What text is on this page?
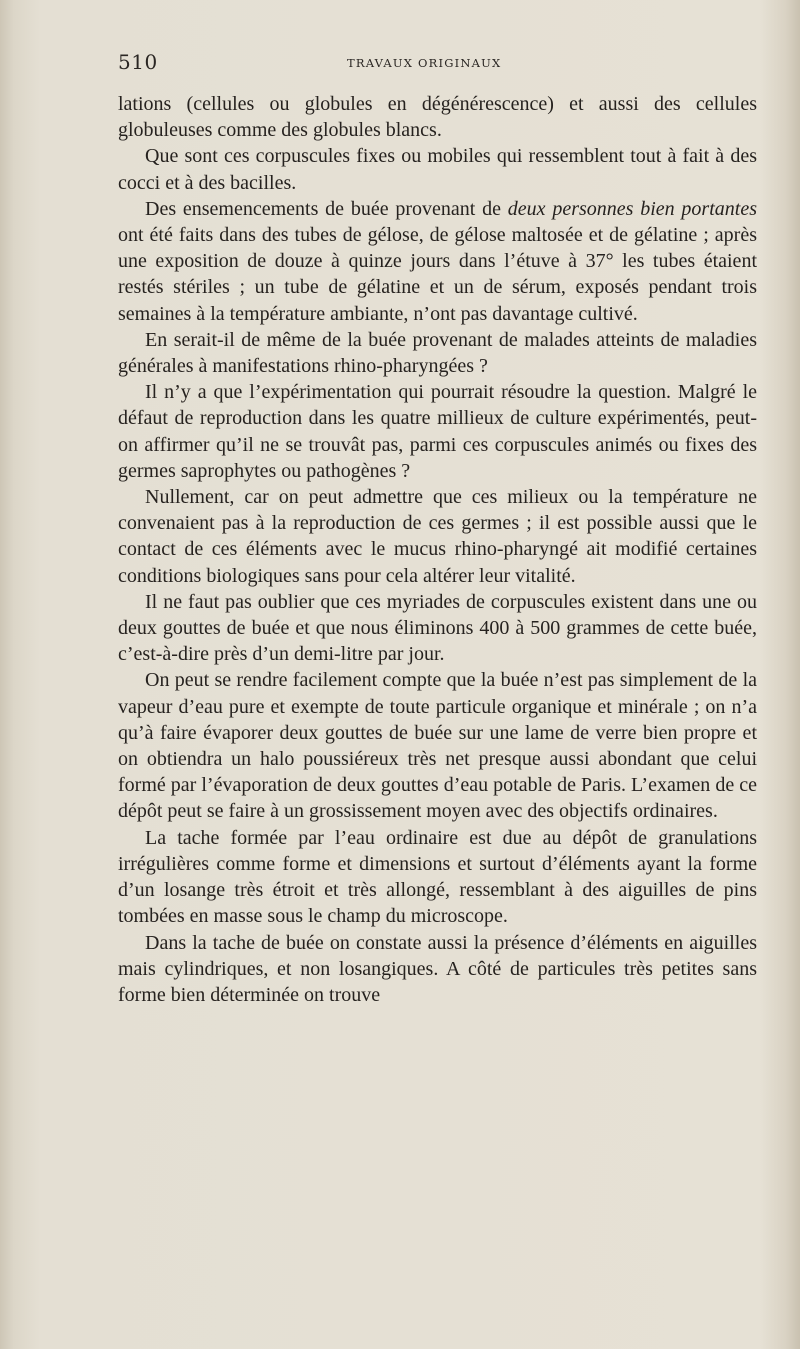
510	TRAVAUX ORIGINAUX

lations (cellules ou globules en dégénérescence) et aussi des cellules globuleuses comme des globules blancs.

Que sont ces corpuscules fixes ou mobiles qui ressemblent tout à fait à des cocci et à des bacilles.

Des ensemencements de buée provenant de deux personnes bien portantes ont été faits dans des tubes de gélose, de gélose maltosée et de gélatine ; après une exposition de douze à quinze jours dans l’étuve à 37° les tubes étaient restés stériles ; un tube de gélatine et un de sérum, exposés pendant trois semaines à la température ambiante, n’ont pas davantage cultivé.

En serait-il de même de la buée provenant de malades atteints de maladies générales à manifestations rhino-pharyngées ?

Il n’y a que l’expérimentation qui pourrait résoudre la question. Malgré le défaut de reproduction dans les quatre millieux de culture expérimentés, peut-on affirmer qu’il ne se trouvât pas, parmi ces corpuscules animés ou fixes des germes saprophytes ou pathogènes ?

Nullement, car on peut admettre que ces milieux ou la température ne convenaient pas à la reproduction de ces germes ; il est possible aussi que le contact de ces éléments avec le mucus rhino-pharyngé ait modifié certaines conditions biologiques sans pour cela altérer leur vitalité.

Il ne faut pas oublier que ces myriades de corpuscules existent dans une ou deux gouttes de buée et que nous éliminons 400 à 500 grammes de cette buée, c’est-à-dire près d’un demi-litre par jour.

On peut se rendre facilement compte que la buée n’est pas simplement de la vapeur d’eau pure et exempte de toute particule organique et minérale ; on n’a qu’à faire évaporer deux gouttes de buée sur une lame de verre bien propre et on obtiendra un halo poussiéreux très net presque aussi abondant que celui formé par l’évaporation de deux gouttes d’eau potable de Paris. L’examen de ce dépôt peut se faire à un grossissement moyen avec des objectifs ordinaires.

La tache formée par l’eau ordinaire est due au dépôt de granulations irrégulières comme forme et dimensions et surtout d’éléments ayant la forme d’un losange très étroit et très allongé, ressemblant à des aiguilles de pins tombées en masse sous le champ du microscope.

Dans la tache de buée on constate aussi la présence d’éléments en aiguilles mais cylindriques, et non losangiques. A côté de particules très petites sans forme bien déterminée on trouve
